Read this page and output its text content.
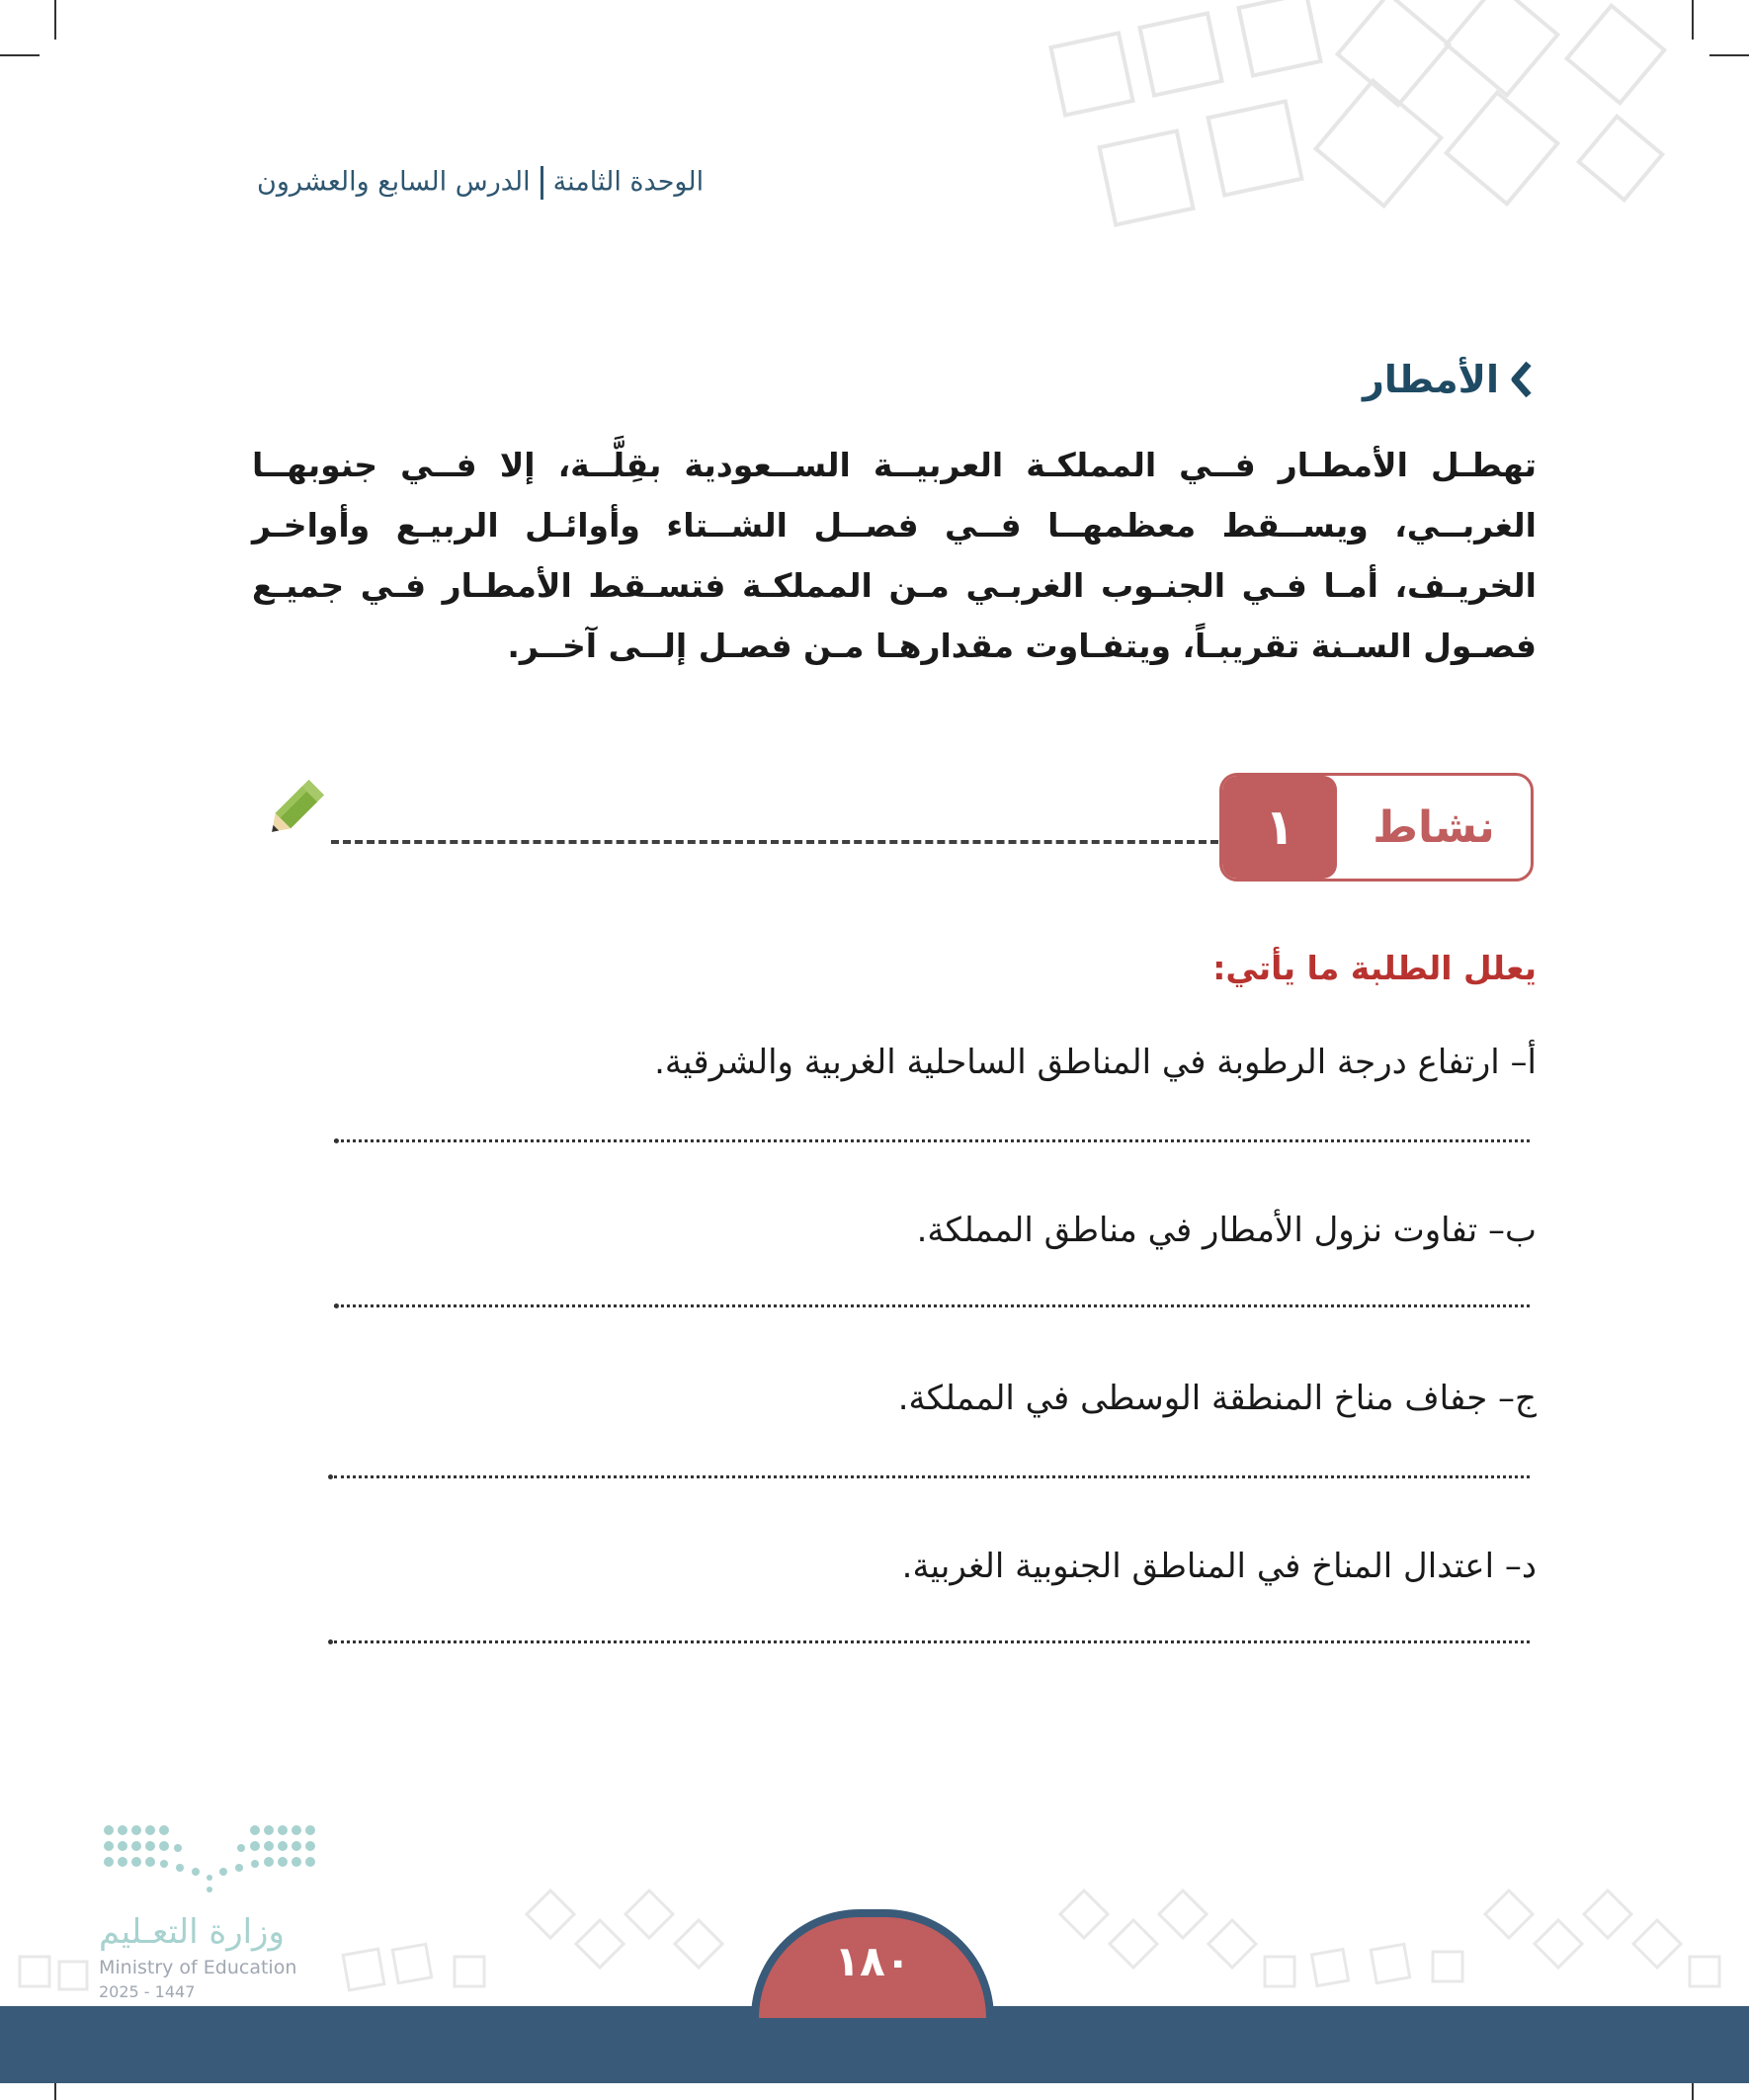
الوحدة الثامنةالدرس السابع والعشرون
الأمطار
تهطـل الأمطـار فــي المملكـة العربيــة الســعودية بقِلَّــة، إلا فــي جنوبهــا الغربــي، ويســقط معظمهــا فــي فصــل الشــتاء وأوائـل الربيـع وأواخـر الخريـف، أمـا فـي الجنـوب الغربـي مـن المملكـة فتسـقط الأمطـار فـي جميـع فصـول السـنة تقريبـاً، ويتفـاوت مقدارهـا مـن فصـل إلــى آخــر.
١	نشاط
يعلل الطلبة ما يأتي:
أ– ارتفاع درجة الرطوبة في المناطق الساحلية الغربية والشرقية.
ب– تفاوت نزول الأمطار في مناطق المملكة.
ج– جفاف مناخ المنطقة الوسطى في المملكة.
د– اعتدال المناخ في المناطق الجنوبية الغربية.
وزارة التعـليم
Ministry of Education
2025 - 1447
١٨٠
